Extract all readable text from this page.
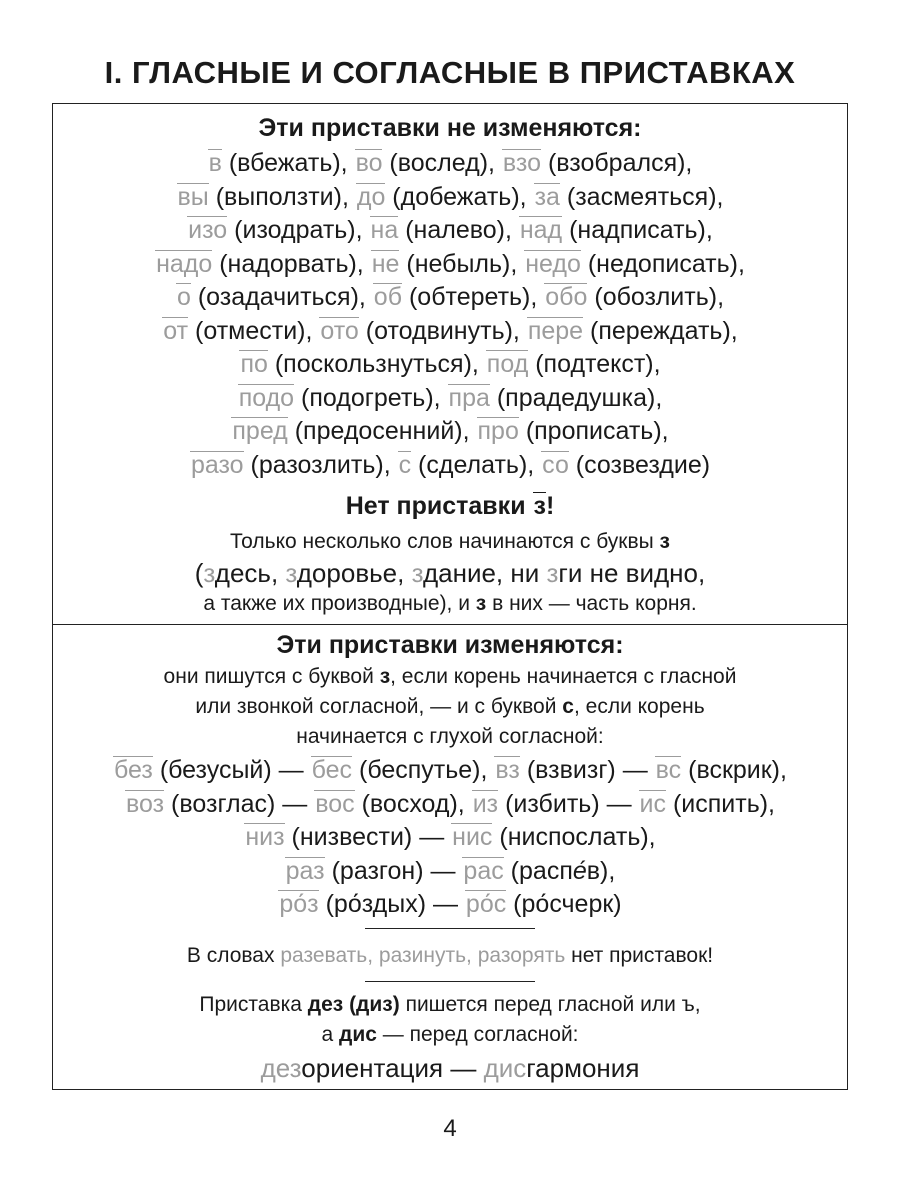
I. ГЛАСНЫЕ И СОГЛАСНЫЕ В ПРИСТАВКАХ
Эти приставки не изменяются:
в (вбежать), во (вослед), взо (взобрался),
вы (выползти), до (добежать), за (засмеяться),
изо (изодрать), на (налево), над (надписать),
надо (надорвать), не (небыль), недо (недописать),
о (озадачиться), об (обтереть), обо (обозлить),
от (отмести), ото (отодвинуть), пере (переждать),
по (поскользнуться), под (подтекст),
подо (подогреть), пра (прадедушка),
пред (предосенний), про (прописать),
разо (разозлить), с (сделать), со (созвездие)
Нет приставки з!
Только несколько слов начинаются с буквы з
(здесь, здоровье, здание, ни зги не видно,
а также их производные), и з в них — часть корня.
Эти приставки изменяются:
они пишутся с буквой з, если корень начинается с гласной
или звонкой согласной, — и с буквой с, если корень
начинается с глухой согласной:
без (безусый) — бес (беспутье), вз (взвизг) — вс (вскрик),
воз (возглас) — вос (восход), из (избить) — ис (испить),
низ (низвести) — нис (ниспослать),
раз (разгон) — рас (распе́в),
ро́з (ро́здых) — ро́с (ро́счерк)
В словах разевать, разинуть, разорять нет приставок!
Приставка дез (диз) пишется перед гласной или ъ,
а дис — перед согласной:
дезориентация — дисгармония
4
